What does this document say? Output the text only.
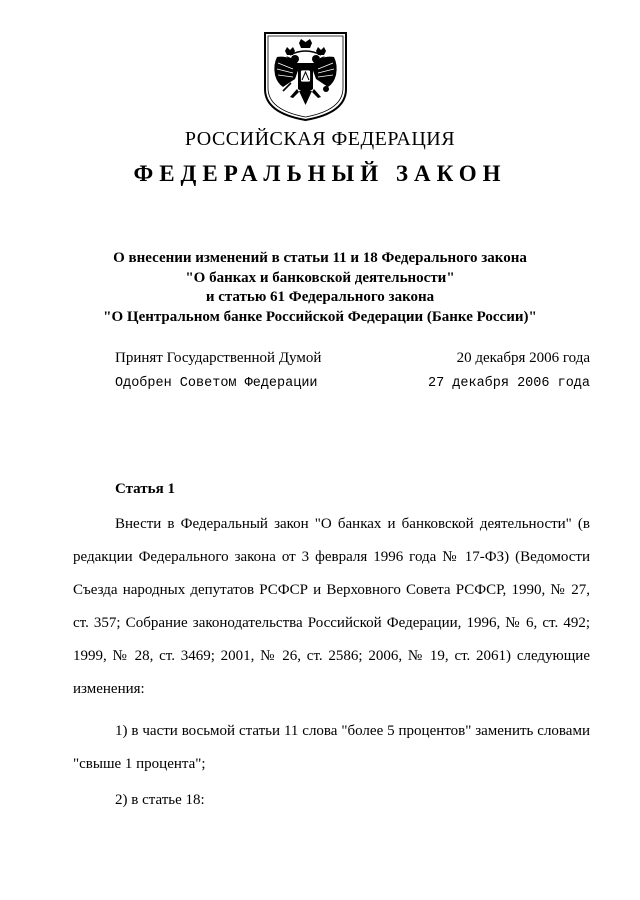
РОССИЙСКАЯ ФЕДЕРАЦИЯ
ФЕДЕРАЛЬНЫЙ ЗАКОН
О внесении изменений в статьи 11 и 18 Федерального закона
"О банках и банковской деятельности"
и статью 61 Федерального закона
"О Центральном банке Российской Федерации (Банке России)"
Принят Государственной Думой	20 декабря 2006 года
Одобрен Советом Федерации	27 декабря 2006 года
Статья 1
Внести в Федеральный закон "О банках и банковской деятельности" (в
редакции Федерального закона от 3 февраля 1996 года № 17-ФЗ) (Ведомости
Съезда народных депутатов РСФСР и Верховного Совета РСФСР, 1990, № 27,
ст. 357; Собрание законодательства Российской Федерации, 1996, № 6, ст. 492;
1999, № 28, ст. 3469; 2001, № 26, ст. 2586; 2006, № 19, ст. 2061) следующие
изменения:
1) в части восьмой статьи 11 слова "более 5 процентов" заменить словами
"свыше 1 процента";
2) в статье 18:
